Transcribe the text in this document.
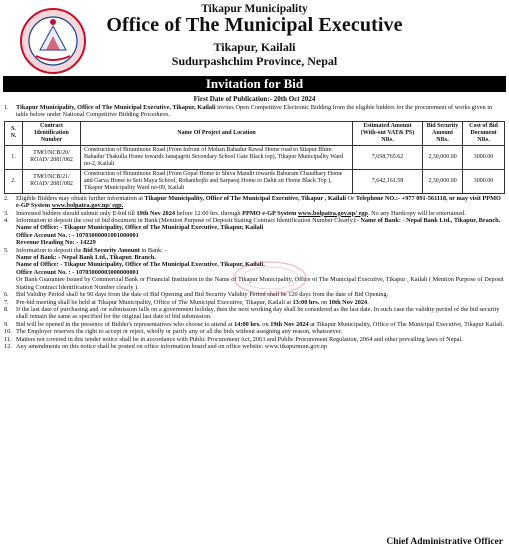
Tikapur Municipality
Office of The Municipal Executive
Tikapur, Kailali
Sudurpashchim Province, Nepal
Invitation for Bid
First Date of Publication:- 20th Oct 2024
1. Tikapur Municipality, Office of The Municipal Executive, Tikapur, Kailali invites Open Competitive Electronic Bidding from the eligible bidders for the procurement of works given in table below under National Competitive Bidding Procedures.
S. N.	Contract Identification Number	Name Of Project and Location	Estimated Amount (With-out VAT& PS) NRs.	Bid Security Amount NRs.	Cost of Bid Document NRs.
1.	TMO/NCB/20/ ROAD/ 2081/082	Construction of Bituminous Road (From Infront of Mohan Bahadur Rawal Home road to Sitapur Bhim Bahadur Thakulla Home towards Janajagriti Secondary School Gate Black top), Tikapur Municipality Ward no-2, Kailali	7,658,765.62	2,30,000.00	3000.00
2.	TMO/NCB/21/ ROAD/ 2081/082	Construction of Bituminous Road (From Gopal Home to Shiva Mandir towards Baburam Chaudhary Home and Garva Home to Seti Maya School, Rohanibojhi and Sarparaj Home to Dahit sir Home Black Top ), Tikapur Municipality Ward no-09, Kailali	7,642,161.58	2,30,000.00	3000.00
2. Eligible Bidders may obtain further information at Tikapur Municipality, Office of The Municipal Executive, Tikapur , Kailali Or Telephone NO.:- +977 091-561118, or may visit PPMO e-GP System www.bolpatra.gov.np/ egp.
3. Interested bidders should submit only E-bid till 19th Nov 2024 before 12:00 hrs. through PPMO e-GP System www.bolpatra.gov.np/ egp. No any Hardcopy will be entertained.
4. Information to deposit the cost of bid document in Bank (Mention Purpose of Deposit Stating Contract Identification Number Clearly):- Name of Bank: - Nepal Bank Ltd., Tikapur, Branch.
Name of Office: - Tikapur Municipality, Office of The Municipal Executive, Tikapur, Kailali
Office Account No. : - 10703000001001000001
Revenue Heading No: - 14229
5. Information to deposit the Bid Security Amount in Bank: -
Name of Bank: - Nepal Bank Ltd., Tikapur, Branch.
Name of Office: - Tikapur Municipality, Office of The Municipal Executive, Tikapur, Kailali.
Office Account No. : - 10703000003000000001
Or Bank Guarantee Issued by Commercial Bank or Financial Institution in the Name of Tikapur Municipality, Office of The Municipal Executive, Tikapur , Kailali ( Mention Purpose of Deposit Stating Contract Identification Number clearly ).
6. Bid Validity Period shall be 90 days from the date of Bid Opening and Bid Security Validity Period shall be 120 days from the date of Bid Opening.
7. Pre-bid meeting shall be held at Tikapur Municipality, Office of The Municipal Executive, Tikapur, Kailali at 13:00 hrs. on 10th Nov 2024.
8. If the last date of purchasing and /or submission falls on a government holiday, then the next working day shall be considered as the last date. In such case the validity period of the bid security shall remain the same as specified for the original last date of bid submission.
9. Bid will be opened in the presence of Bidder's representatives who choose to attend at 14:00 hrs. on 19th Nov 2024 at Tikapur Municipality, Office of The Municipal Executive, Tikapur Kailali.
10. The Employer reserves the right to accept or reject, wholly or partly any or all the bids without assigning any reason, whatsoever.
11. Matters not covered in this tender notice shall be in accordance with Public Procurement Act, 2063 and Public Procurement Regulation, 2064 and other prevailing laws of Nepal.
12. Any amendments on this notice shall be posted on office information board and on office website: www.tikapurmun.gov.np
Chief Administrative Officer
